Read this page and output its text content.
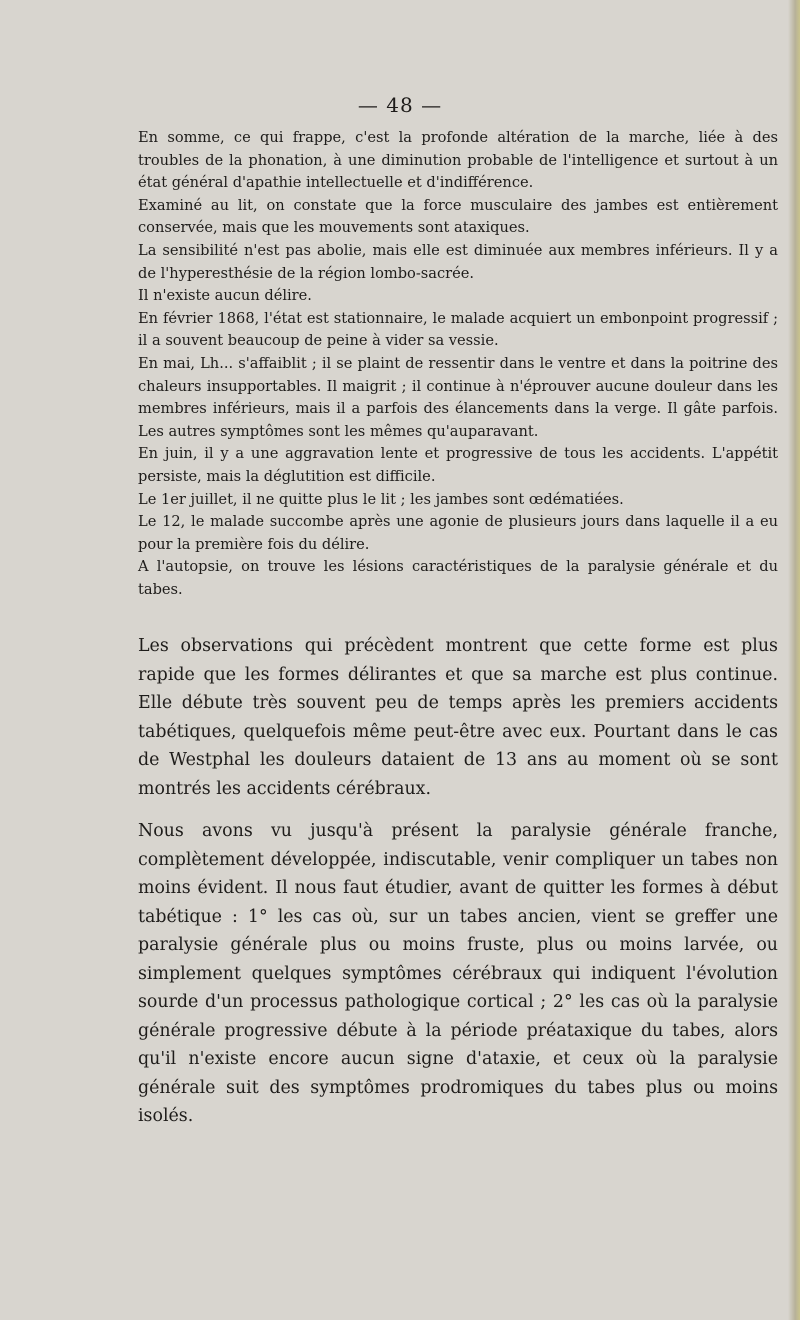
— 48 —

En somme, ce qui frappe, c'est la profonde altération de la marche, liée à des troubles de la phonation, à une diminution probable de l'intelligence et surtout à un état général d'apathie intellectuelle et d'indifférence.

Examiné au lit, on constate que la force musculaire des jambes est entièrement conservée, mais que les mouvements sont ataxiques.

La sensibilité n'est pas abolie, mais elle est diminuée aux membres inférieurs. Il y a de l'hyperesthésie de la région lombo-sacrée.

Il n'existe aucun délire.

En février 1868, l'état est stationnaire, le malade acquiert un embonpoint progressif ; il a souvent beaucoup de peine à vider sa vessie.

En mai, Lh... s'affaiblit ; il se plaint de ressentir dans le ventre et dans la poitrine des chaleurs insupportables. Il maigrit ; il continue à n'éprouver aucune douleur dans les membres inférieurs, mais il a parfois des élancements dans la verge. Il gâte parfois. Les autres symptômes sont les mêmes qu'auparavant.

En juin, il y a une aggravation lente et progressive de tous les accidents. L'appétit persiste, mais la déglutition est difficile.

Le 1er juillet, il ne quitte plus le lit ; les jambes sont œdématiées.

Le 12, le malade succombe après une agonie de plusieurs jours dans laquelle il a eu pour la première fois du délire.

A l'autopsie, on trouve les lésions caractéristiques de la paralysie générale et du tabes.

Les observations qui précèdent montrent que cette forme est plus rapide que les formes délirantes et que sa marche est plus continue. Elle débute très souvent peu de temps après les premiers accidents tabétiques, quelquefois même peut-être avec eux. Pourtant dans le cas de Westphal les douleurs dataient de 13 ans au moment où se sont montrés les accidents cérébraux.
Nous avons vu jusqu'à présent la paralysie générale franche, complètement développée, indiscutable, venir compliquer un tabes non moins évident. Il nous faut étudier, avant de quitter les formes à début tabétique : 1° les cas où, sur un tabes ancien, vient se greffer une paralysie générale plus ou moins fruste, plus ou moins larvée, ou simplement quelques symptômes cérébraux qui indiquent l'évolution sourde d'un processus pathologique cortical ; 2° les cas où la paralysie générale progressive débute à la période préataxique du tabes, alors qu'il n'existe encore aucun signe d'ataxie, et ceux où la paralysie générale suit des symptômes prodromiques du tabes plus ou moins isolés.
